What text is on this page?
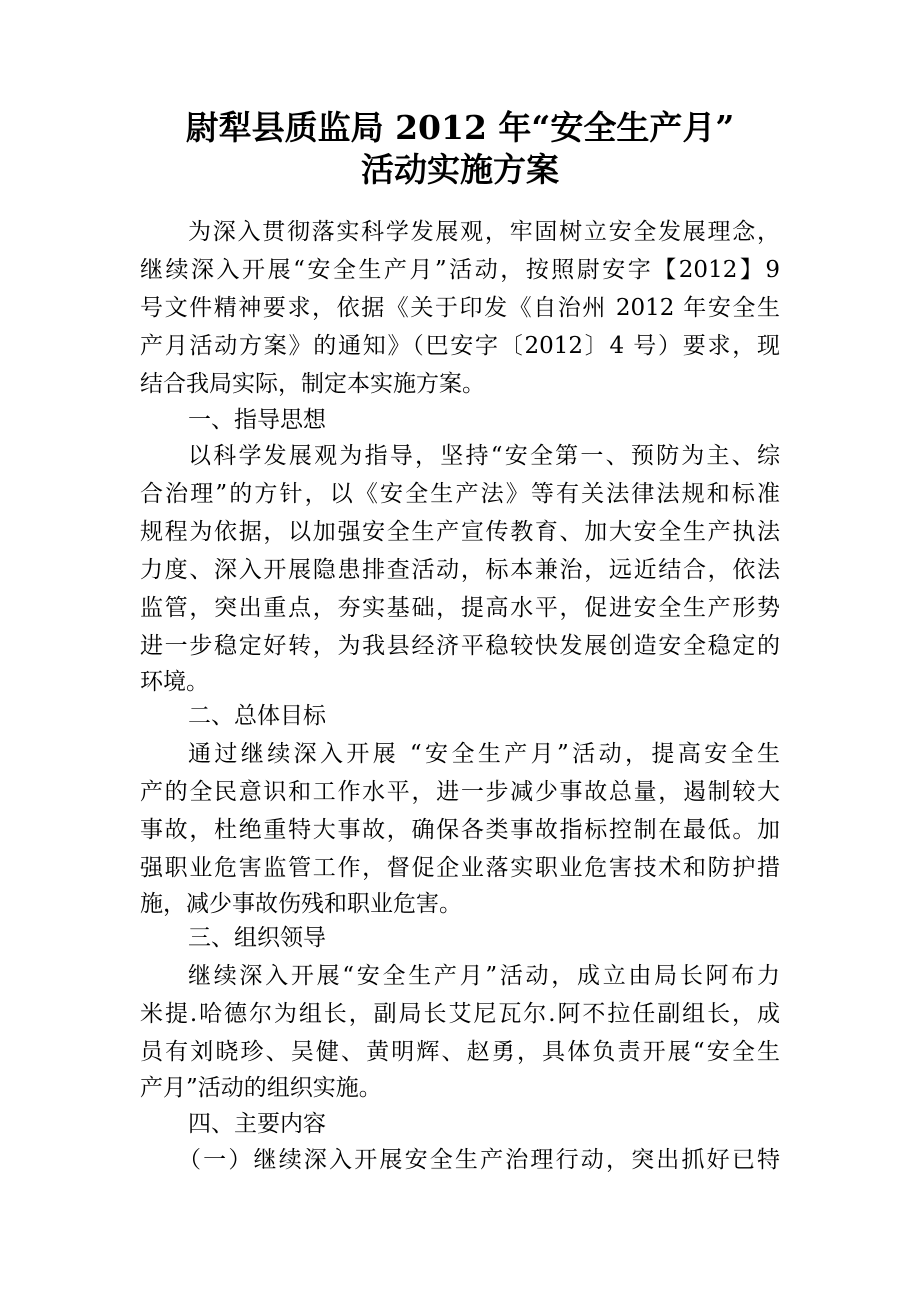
尉犁县质监局 2012 年“安全生产月”
活动实施方案
为深入贯彻落实科学发展观，牢固树立安全发展理念，
继续深入开展“安全生产月”活动，按照尉安字【2012】9
号文件精神要求，依据《关于印发《自治州 2012 年安全生
产月活动方案》的通知》（巴安字〔2012〕4 号）要求，现
结合我局实际，制定本实施方案。
一、指导思想
以科学发展观为指导，坚持“安全第一、预防为主、综
合治理”的方针，以《安全生产法》等有关法律法规和标准
规程为依据，以加强安全生产宣传教育、加大安全生产执法
力度、深入开展隐患排查活动，标本兼治，远近结合，依法
监管，突出重点，夯实基础，提高水平，促进安全生产形势
进一步稳定好转，为我县经济平稳较快发展创造安全稳定的
环境。
二、总体目标
通过继续深入开展 “安全生产月”活动，提高安全生
产的全民意识和工作水平，进一步减少事故总量，遏制较大
事故，杜绝重特大事故，确保各类事故指标控制在最低。加
强职业危害监管工作，督促企业落实职业危害技术和防护措
施，减少事故伤残和职业危害。
三、组织领导
继续深入开展“安全生产月”活动，成立由局长阿布力
米提.哈德尔为组长，副局长艾尼瓦尔.阿不拉任副组长，成
员有刘晓珍、吴健、黄明辉、赵勇，具体负责开展“安全生
产月”活动的组织实施。
四、主要内容
（一）继续深入开展安全生产治理行动，突出抓好已特
